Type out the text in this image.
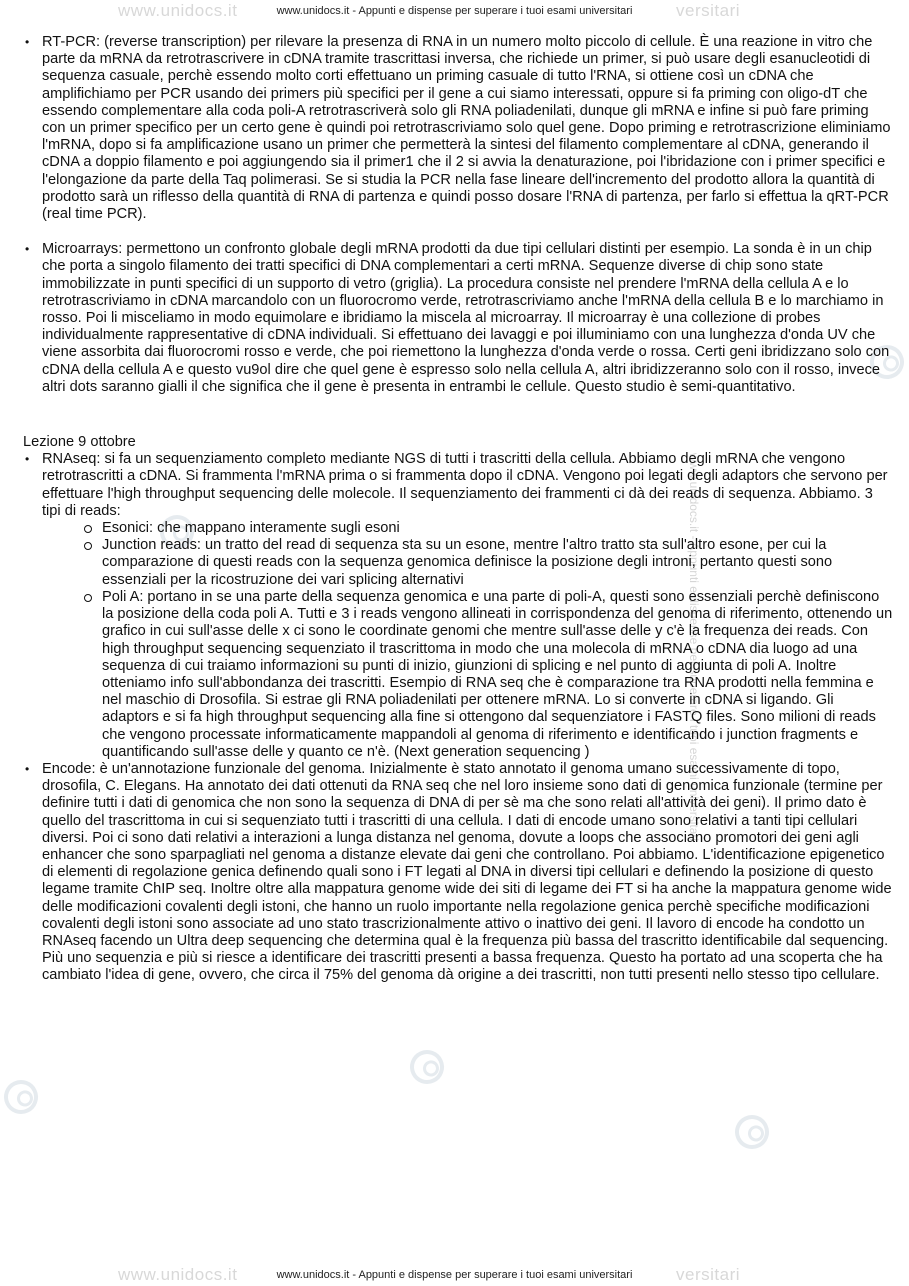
www.unidocs.it	versitari
www.unidocs.it	versitari
www.unidocs.it - Appunti e dispense per superare i tuoi esami universitari
www.unidocs.it - Appunti e dispense per superare i tuoi esami universitari

• RT-PCR: (reverse transcription) per rilevare la presenza di RNA in un numero molto piccolo di cellule. È una reazione in vitro che parte da mRNA da retrotrascrivere in cDNA tramite trascrittasi inversa, che richiede un primer, si può usare degli esanucleotidi di sequenza casuale, perchè essendo molto corti effettuano un priming casuale di tutto l'RNA, si ottiene così un cDNA che amplifichiamo per PCR usando dei primers più specifici per il gene a cui siamo interessati, oppure si fa priming con oligo-dT che essendo complementare alla coda poli-A retrotrascriverà solo gli RNA poliadenilati, dunque gli mRNA e infine si può fare priming con un primer specifico per un certo gene è quindi poi retrotrascriviamo solo quel gene. Dopo priming e retrotrascrizione eliminiamo l'mRNA, dopo si fa amplificazione usano un primer che permetterà la sintesi del filamento complementare al cDNA, generando il cDNA a doppio filamento e poi aggiungendo sia il primer1 che il 2 si avvia la denaturazione, poi l'ibridazione con i primer specifici e l'elongazione da parte della Taq polimerasi. Se si studia la PCR nella fase lineare dell'incremento del prodotto allora la quantità di prodotto sarà un riflesso della quantità di RNA di partenza e quindi posso dosare l'RNA di partenza, per farlo si effettua la qRT-PCR (real time PCR).

• Microarrays: permettono un confronto globale degli mRNA prodotti da due tipi cellulari distinti per esempio. La sonda è in un chip che porta a singolo filamento dei tratti specifici di DNA complementari a certi mRNA. Sequenze diverse di chip sono state immobilizzate in punti specifici di un supporto di vetro (griglia). La procedura consiste nel prendere l'mRNA della cellula A e lo retrotrascriviamo in cDNA marcandolo con un fluorocromo verde, retrotrascriviamo anche l'mRNA della cellula B e lo marchiamo in rosso. Poi li misceliamo in modo equimolare e ibridiamo la miscela al microarray. Il microarray è una collezione di probes individualmente rappresentative di cDNA individuali. Si effettuano dei lavaggi e poi illuminiamo con una lunghezza d'onda UV che viene assorbita dai fluorocromi rosso e verde, che poi riemettono la lunghezza d'onda verde o rossa. Certi geni ibridizzano solo con cDNA della cellula A e questo vu9ol dire che quel gene è espresso solo nella cellula A, altri ibridizzeranno solo con il rosso, invece altri dots saranno gialli il che significa che il gene è presenta in entrambi le cellule. Questo studio è semi-quantitativo.

Lezione 9 ottobre

• RNAseq: si fa un sequenziamento completo mediante NGS di tutti i trascritti della cellula. Abbiamo degli mRNA che vengono retrotrascritti a cDNA. Si frammenta l'mRNA prima o si frammenta dopo il cDNA. Vengono poi legati degli adaptors che servono per effettuare l'high throughput sequencing delle molecole. Il sequenziamento dei frammenti ci dà dei reads di sequenza. Abbiamo. 3 tipi di reads:

Esonici: che mappano interamente sugli esoni
Junction reads: un tratto del read di sequenza sta su un esone, mentre l'altro tratto sta sull'altro esone, per cui la comparazione di questi reads con la sequenza genomica definisce la posizione degli introni, pertanto questi sono essenziali per la ricostruzione dei vari splicing alternativi
Poli A: portano in se una parte della sequenza genomica e una parte di poli-A, questi sono essenziali perchè definiscono la posizione della coda poli A. Tutti e 3 i reads vengono allineati in corrispondenza del genoma di riferimento, ottenendo un grafico in cui sull'asse delle x ci sono le coordinate genomi che mentre sull'asse delle y c'è la frequenza dei reads. Con high throughput sequencing sequenziato il trascrittoma in modo che una molecola di mRNA o cDNA dia luogo ad una sequenza di cui traiamo informazioni su punti di inizio, giunzioni di splicing e nel punto di aggiunta di poli A. Inoltre otteniamo info sull'abbondanza dei trascritti. Esempio di RNA seq che è comparazione tra RNA prodotti nella femmina e nel maschio di Drosofila. Si estrae gli RNA poliadenilati per ottenere mRNA. Lo si converte in cDNA si ligando. Gli adaptors e si fa high throughput sequencing alla fine si ottengono dal sequenziatore i FASTQ files. Sono milioni di reads che vengono processate informaticamente mappandoli al genoma di riferimento e identificando i junction fragments e quantificando sull'asse delle y quanto ce n'è. (Next generation sequencing )

• Encode: è un'annotazione funzionale del genoma. Inizialmente è stato annotato il genoma umano successivamente di topo, drosofila, C. Elegans. Ha annotato dei dati ottenuti da RNA seq che nel loro insieme sono dati di genomica funzionale (termine per definire tutti i dati di genomica che non sono la sequenza di DNA di per sè ma che sono relati all'attività dei geni). Il primo dato è quello del trascrittoma in cui si sequenziato tutti i trascritti di una cellula. I dati di encode umano sono relativi a tanti tipi cellulari diversi. Poi ci sono dati relativi a interazioni a lunga distanza nel genoma, dovute a loops che associano promotori dei geni agli enhancer che sono sparpagliati nel genoma a distanze elevate dai geni che controllano. Poi abbiamo. L'identificazione epigenetico di elementi di regolazione genica definendo quali sono i FT legati al DNA in diversi tipi cellulari e definendo la posizione di questo legame tramite ChIP seq. Inoltre oltre alla mappatura genome wide dei siti di legame dei FT si ha anche la mappatura genome wide delle modificazioni covalenti degli istoni, che hanno un ruolo importante nella regolazione genica perchè specifiche modificazioni covalenti degli istoni sono associate ad uno stato trascrizionalmente attivo o inattivo dei geni. Il lavoro di encode ha condotto un RNAseq facendo un Ultra deep sequencing che determina qual è la frequenza più bassa del trascritto identificabile dal sequencing. Più uno sequenzia e più si riesce a identificare dei trascritti presenti a bassa frequenza. Questo ha portato ad una scoperta che ha cambiato l'idea di gene, ovvero, che circa il 75% del genoma dà origine a dei trascritti, non tutti presenti nello stesso tipo cellulare.

www.unidocs.it - Appunti e dispense per superare i tuoi esami universitari
